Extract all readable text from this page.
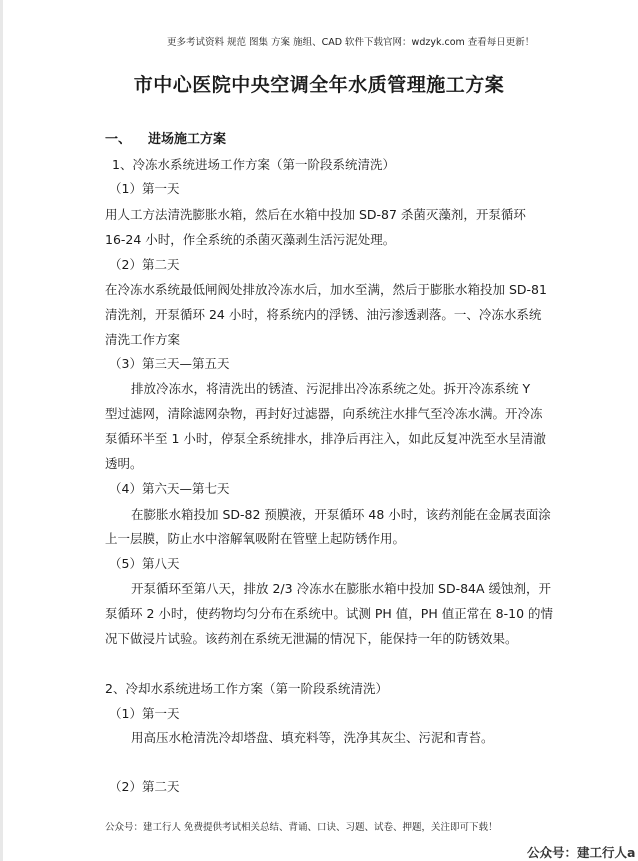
更多考试资料 规范 图集 方案 施组、CAD 软件下载官网：wdzyk.com 查看每日更新！
市中心医院中央空调全年水质管理施工方案
一、 进场施工方案
1、冷冻水系统进场工作方案（第一阶段系统清洗）
（1）第一天
用人工方法清洗膨胀水箱，然后在水箱中投加 SD-87 杀菌灭藻剂，开泵循环
16-24 小时，作全系统的杀菌灭藻剥生活污泥处理。
（2）第二天
在冷冻水系统最低闸阀处排放冷冻水后，加水至满，然后于膨胀水箱投加 SD-81
清洗剂，开泵循环 24 小时，将系统内的浮锈、油污渗透剥落。一、冷冻水系统
清洗工作方案
（3）第三天—第五天
排放冷冻水，将清洗出的锈渣、污泥排出冷冻系统之处。拆开冷冻系统 Y
型过滤网，清除滤网杂物，再封好过滤器，向系统注水排气至冷冻水满。开冷冻
泵循环半至 1 小时，停泵全系统排水，排净后再注入，如此反复冲洗至水呈清澈
透明。
（4）第六天—第七天
在膨胀水箱投加 SD-82 预膜液，开泵循环 48 小时，该药剂能在金属表面涂
上一层膜，防止水中溶解氧吸附在管壁上起防锈作用。
（5）第八天
开泵循环至第八天，排放 2/3 冷冻水在膨胀水箱中投加 SD-84A 缓蚀剂，开
泵循环 2 小时，使药物均匀分布在系统中。试测 PH 值，PH 值正常在 8-10 的情
况下做浸片试验。该药剂在系统无泄漏的情况下，能保持一年的防锈效果。
2、冷却水系统进场工作方案（第一阶段系统清洗）
（1）第一天
用高压水枪清洗冷却塔盘、填充料等，洗净其灰尘、污泥和青苔。
（2）第二天
公众号：建工行人 免费提供考试相关总结、背诵、口诀、习题、试卷、押题，关注即可下载！
公众号：建工行人a
